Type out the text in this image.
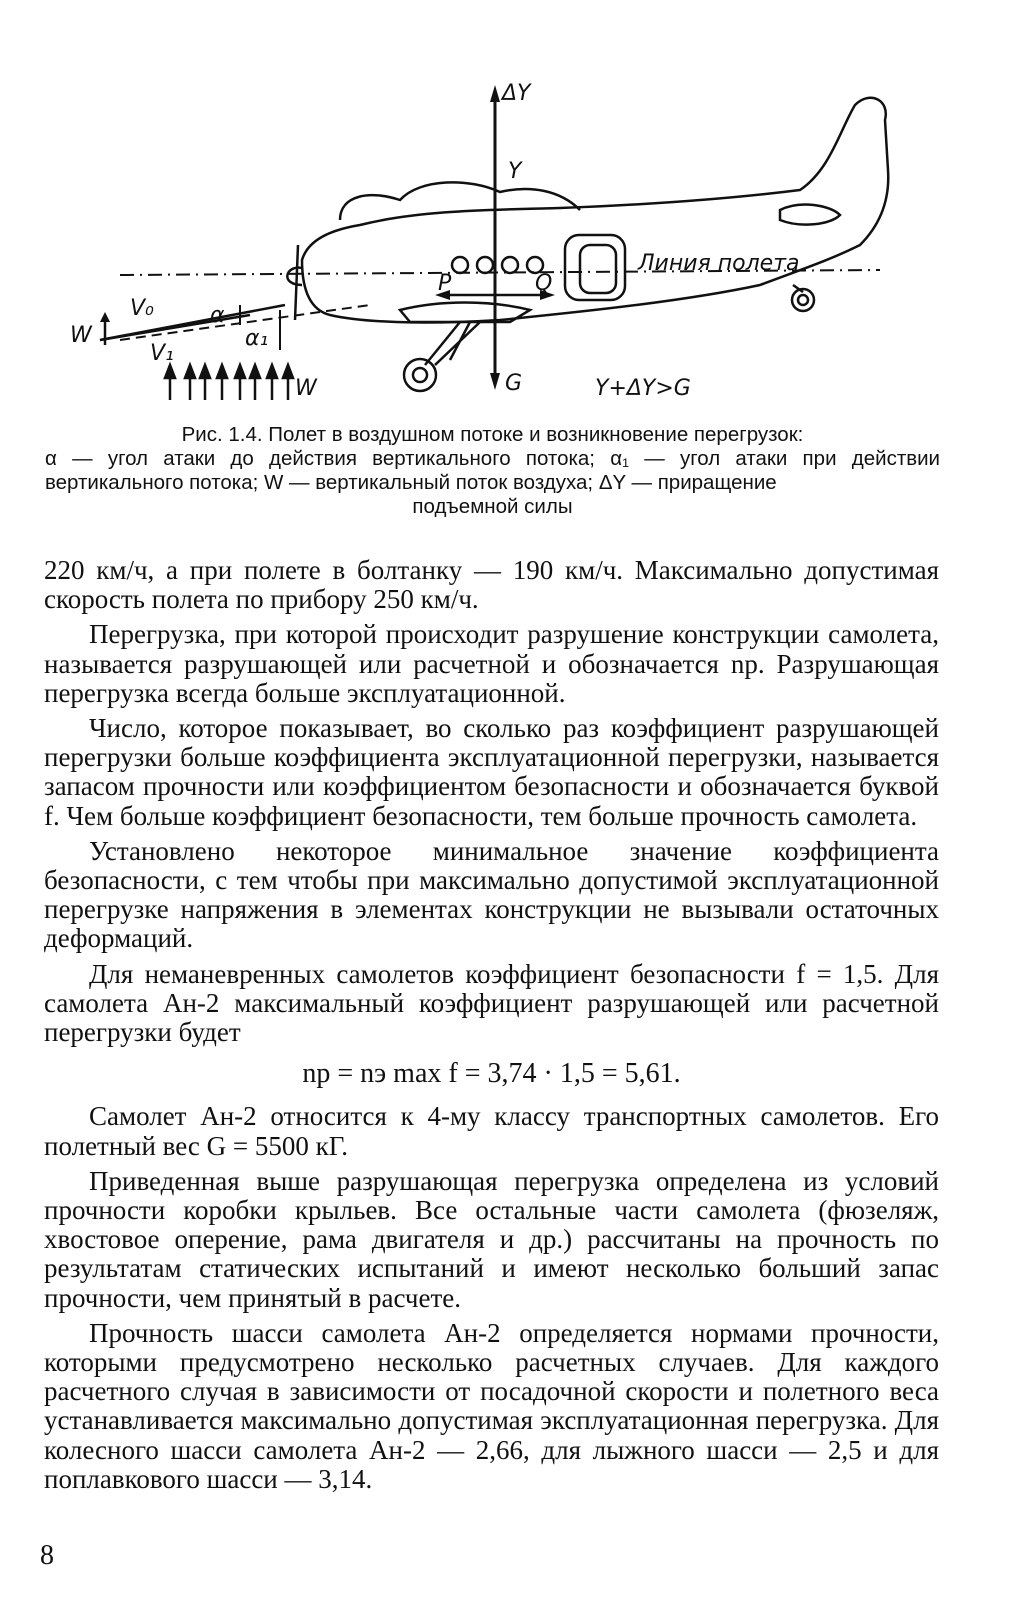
ΔY
Y
Линия полета
P	Q
V₀	α
W
V₁
α₁
W	G	Y+ΔY>G
Рис. 1.4. Полет в воздушном потоке и возникновение перегрузок:
α — угол атаки до действия вертикального потока; α₁ — угол атаки при действии вертикального потока; W — вертикальный поток воздуха; ΔY — приращение
подъемной силы

220 км/ч, а при полете в болтанку — 190 км/ч. Максимально допустимая скорость полета по прибору 250 км/ч.

Перегрузка, при которой происходит разрушение конструкции самолета, называется разрушающей или расчетной и обозначается nр. Разрушающая перегрузка всегда больше эксплуатационной.

Число, которое показывает, во сколько раз коэффициент разрушающей перегрузки больше коэффициента эксплуатационной перегрузки, называется запасом прочности или коэффициентом безопасности и обозначается буквой f. Чем больше коэффициент безопасности, тем больше прочность самолета.

Установлено некоторое минимальное значение коэффициента безопасности, с тем чтобы при максимально допустимой эксплуатационной перегрузке напряжения в элементах конструкции не вызывали остаточных деформаций.

Для неманевренных самолетов коэффициент безопасности f = 1,5. Для самолета Ан-2 максимальный коэффициент разрушающей или расчетной перегрузки будет

nр = nэ max f = 3,74 · 1,5 = 5,61.

Самолет Ан-2 относится к 4-му классу транспортных самолетов. Его полетный вес G = 5500 кГ.

Приведенная выше разрушающая перегрузка определена из условий прочности коробки крыльев. Все остальные части самолета (фюзеляж, хвостовое оперение, рама двигателя и др.) рассчитаны на прочность по результатам статических испытаний и имеют несколько больший запас прочности, чем принятый в расчете.

Прочность шасси самолета Ан-2 определяется нормами прочности, которыми предусмотрено несколько расчетных случаев. Для каждого расчетного случая в зависимости от посадочной скорости и полетного веса устанавливается максимально допустимая эксплуатационная перегрузка. Для колесного шасси самолета Ан-2 — 2,66, для лыжного шасси — 2,5 и для поплавкового шасси — 3,14.

8
